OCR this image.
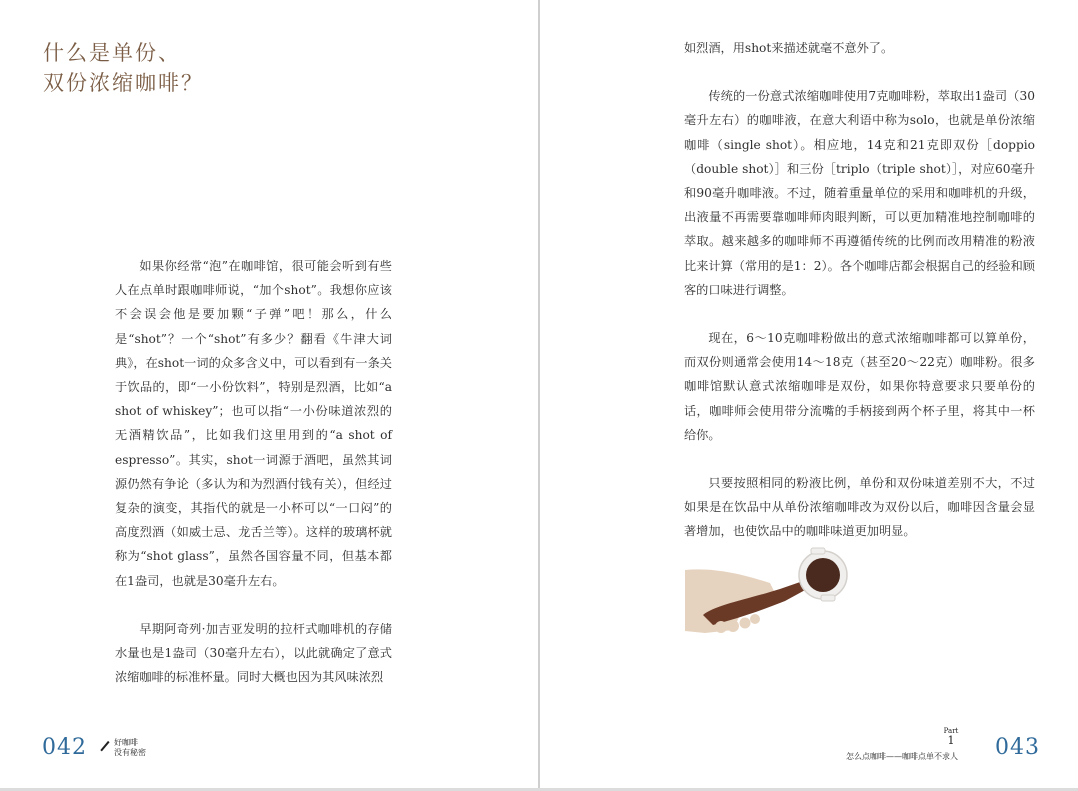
什么是单份、
双份浓缩咖啡？

如果你经常“泡”在咖啡馆，很可能会听到有些人在点单时跟咖啡师说，“加个shot”。我想你应该不会误会他是要加颗“子弹”吧！那么，什么是“shot”？一个“shot”有多少？翻看《牛津大词典》，在shot一词的众多含义中，可以看到有一条关于饮品的，即“一小份饮料”，特别是烈酒，比如“a shot of whiskey”；也可以指“一小份味道浓烈的无酒精饮品”，比如我们这里用到的“a shot of espresso”。其实，shot一词源于酒吧，虽然其词源仍然有争论（多认为和为烈酒付钱有关），但经过复杂的演变，其指代的就是一小杯可以“一口闷”的高度烈酒（如威士忌、龙舌兰等）。这样的玻璃杯就称为“shot glass”，虽然各国容量不同，但基本都在1盎司，也就是30毫升左右。

早期阿奇列·加吉亚发明的拉杆式咖啡机的存储水量也是1盎司（30毫升左右），以此就确定了意式浓缩咖啡的标准杯量。同时大概也因为其风味浓烈

042	好咖啡
没有秘密

如烈酒，用shot来描述就毫不意外了。

传统的一份意式浓缩咖啡使用7克咖啡粉，萃取出1盎司（30毫升左右）的咖啡液，在意大利语中称为solo，也就是单份浓缩咖啡（single shot）。相应地，14克和21克即双份［doppio（double shot）］和三份［triplo（triple shot）］，对应60毫升和90毫升咖啡液。不过，随着重量单位的采用和咖啡机的升级，出液量不再需要靠咖啡师肉眼判断，可以更加精准地控制咖啡的萃取。越来越多的咖啡师不再遵循传统的比例而改用精准的粉液比来计算（常用的是1：2）。各个咖啡店都会根据自己的经验和顾客的口味进行调整。

现在，6～10克咖啡粉做出的意式浓缩咖啡都可以算单份，而双份则通常会使用14～18克（甚至20～22克）咖啡粉。很多咖啡馆默认意式浓缩咖啡是双份，如果你特意要求只要单份的话，咖啡师会使用带分流嘴的手柄接到两个杯子里，将其中一杯给你。

只要按照相同的粉液比例，单份和双份味道差别不大，不过如果是在饮品中从单份浓缩咖啡改为双份以后，咖啡因含量会显著增加，也使饮品中的咖啡味道更加明显。

Part
1
怎么点咖啡——咖啡点单不求人 043
